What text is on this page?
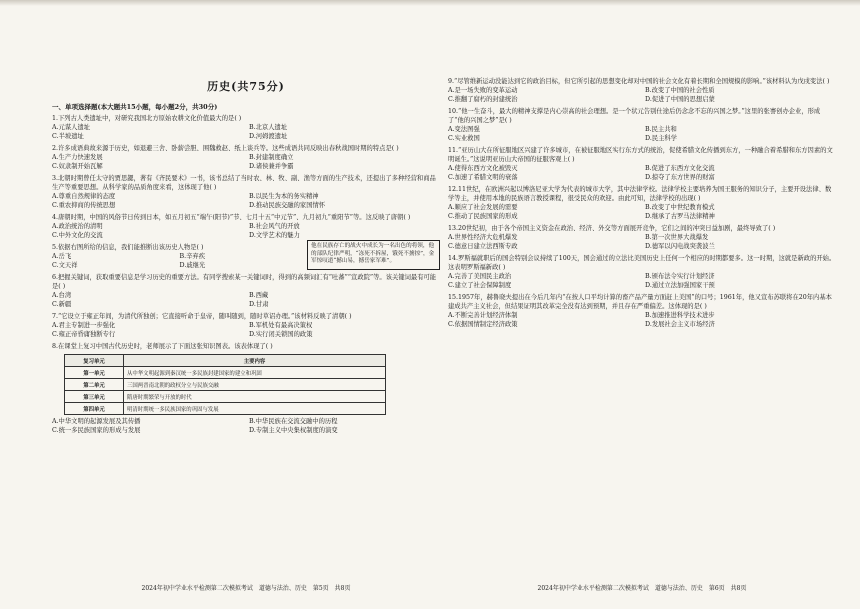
历史(共75分)
一、单项选择题(本大题共15小题，每小题2分，共30分)
1.下列古人类遗址中，对研究我国北方原始农耕文化价值最大的是( )
A.元谋人遗址	B.北京人遗址
C.半坡遗址	D.河姆渡遗址
2.许多成语典故来源于历史，如退避三舍、卧薪尝胆、围魏救赵、纸上谈兵等。这些成语共同反映出春秋战国时期的特点是( )
A.生产力快速发展	B.封建制度确立
C.奴隶制开始瓦解	D.诸侯兼并争霸
3.北朝时期曾任太守的贾思勰，著有《齐民要术》一书，该书总结了当时农、林、牧、副、渔等方面的生产技术，还提出了多种经营和商品生产等重要思想。从科学家的品质角度来看，这体现了他( )
A.尊重自然规律的态度	B.以民生为本的务实精神
C.重农抑商的传统思想	D.推动民族交融的家国情怀
4.唐朝时期，中国的风俗节日传到日本，如五月初五“端午(阳节)”节、七月十五“中元节”、九月初九“重阳节”等。这反映了唐朝( )
A.政治统治的清明	B.社会风气的开放
C.中外文化的交流	D.文学艺术的魅力
5.依据右图所给的信息，我们能推断出该历史人物是( )
A.岳飞	B.辛弃疾
C.文天祥	D.戚继光
他在民族存亡的战火中成长为一名出色的将领，他的部队纪律严明，“冻死不拆屋，饿死不掳掠”，金军惊叹道“撼山易，撼岳家军难”。
6.把握关键词，获取重要信息是学习历史的重要方法。有同学搜索某一关键词时，得到的高频词汇有“吐蕃”“宣政院”等。该关键词最有可能是( )
A.台湾	B.西藏
C.新疆	D.甘肃
7.“它设立于雍正年间，为清代所独创；它直接听命于皇帝，随叫随到，随时草诏办理。”该材料反映了清朝( )
A.君主专制进一步强化	B.军机处有最高决策权
C.雍正帝昏庸独断专行	D.实行闭关锁国的政策
8.在课堂上复习中国古代历史时，老师展示了下面这张知识图表。该表体现了( )
复习单元	主要内容
第一单元	从中华文明起源到秦汉统一多民族封建国家的建立和巩固
第二单元	三国两晋南北朝的政权分立与民族交融
第三单元	隋唐时期繁荣与开放的时代
第四单元	明清时期统一多民族国家的巩固与发展
A.中华文明的起源发展及其传播	B.中华民族在交流交融中的历程
C.统一多民族国家的形成与发展	D.专制主义中央集权制度的演变
2024年初中学业水平检测第二次模拟考试　道德与法治、历史　第5页　共8页
9.“尽管维新运动没能达到它的政治目标，但它所引起的思想变化却对中国的社会文化有着长期和全国规模的影响。”该材料认为戊戌变法( )
A.是一场失败的变革运动	B.改变了中国的社会性质
C.推翻了腐朽的封建统治	D.促进了中国的思想启蒙
10.“他一生奋斗，最大的精神支撑是内心崇高的社会理想。是一个状元告别仕途后仍念念不忘的兴国之梦。”这里的张謇创办企业，形成了“他的兴国之梦”是( )
A.变法图强	B.民主共和
C.实业救国	D.民主科学
11.“亚历山大在所征服地区兴建了许多城市，在被征服地区实行东方式的统治，促使希腊文化传播到东方，一种融合着希腊和东方因素的文明诞生。”这说明亚历山大帝国的征服客观上( )
A.使得东西方文化被毁灭	B.促进了东西方文化交流
C.加速了希腊文明的衰落	D.掠夺了东方世界的财富
12.11世纪，在欧洲兴起以博洛尼亚大学为代表的城市大学，其中法律学校。法律学校主要培养为国王服务的知识分子，主要开设法律、数学等主，并使用本地的民族语言教授课程，很受民众的欢迎。由此可知，法律学校的出现( )
A.顺应了社会发展的需要	B.改变了中世纪教育模式
C.推动了民族国家的形成	D.继承了古罗马法律精神
13.20世纪初，由于各个帝国主义资金在政治、经济、外交等方面展开竞争，它们之间的冲突日益加剧，最终导致了( )
A.世界性经济大危机爆发	B.第一次世界大战爆发
C.德意日建立法西斯专政	D.德军以闪电战突袭波兰
14.罗斯福就职后的国会特别会议持续了100天，国会通过的立法比美国历史上任何一个相应的时期都要多。这一时期，这就是新政的开始。这表明罗斯福新政( )
A.完善了美国民主政治	B.颁布法令实行计划经济
C.建立了社会保障制度	D.通过立法加强国家干预
15.1957年，赫鲁晓夫提出在今后几年内“在按人口平均计算的畜产品产量方面赶上美国”的口号；1961年，他又宣布苏联将在20年内基本建成共产主义社会，但结果证明其改革完全没有达到预期，并且存在严重偏差。这体现的是( )
A.不断完善计划经济体制	B.加速推进科学技术进步
C.依据国情制定经济政策	D.发展社会主义市场经济
2024年初中学业水平检测第二次模拟考试　道德与法治、历史　第6页　共8页
